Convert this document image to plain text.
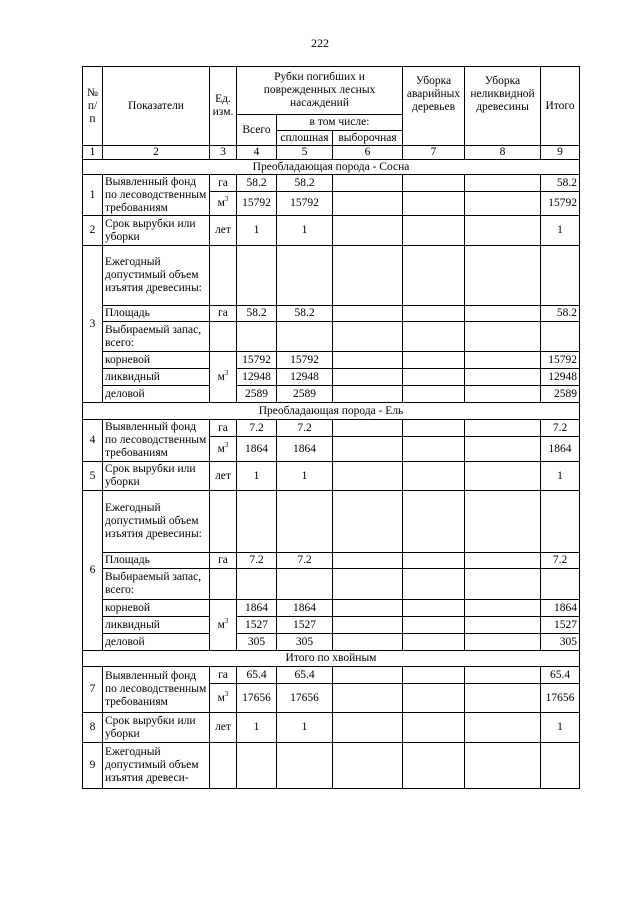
222
№ п/п	Показатели	Ед. изм.	Рубки погибших и поврежденных лесных насаждений			Уборка аварийных деревьев	Уборка неликвидной древесины	Итого
			Всего	в том числе:				
				сплошная	выборочная			
1	2	3	4	5	6	7	8	9
Преобладающая порода - Сосна								
1	Выявленный фонд по лесоводственным требованиям	га	58.2	58.2				58.2
		$м^3$	15792	15792				15792
2	Срок вырубки или уборки	лет	1	1				1
3	Ежегодный допустимый объем изъятия древесины:							
	Площадь	га	58.2	58.2				58.2
	Выбираемый запас, всего:							
	корневой	$м^3$	15792	15792				15792
	ликвидный		12948	12948				12948
	деловой		2589	2589				2589
Преобладающая порода - Ель								
4	Выявленный фонд по лесоводственным требованиям	га	7.2	7.2				7.2
		$м^3$	1864	1864				1864
5	Срок вырубки или уборки	лет	1	1				1
6	Ежегодный допустимый объем изъятия древесины:							
	Площадь	га	7.2	7.2				7.2
	Выбираемый запас, всего:							
	корневой	$м^3$	1864	1864				1864
	ликвидный		1527	1527				1527
	деловой		305	305				305
Итого по хвойным								
7	Выявленный фонд по лесоводственным требованиям	га	65.4	65.4				65.4
		$м^3$	17656	17656				17656
8	Срок вырубки или уборки	лет	1	1				1
9	Ежегодный допустимый объем изъятия древеси-							
